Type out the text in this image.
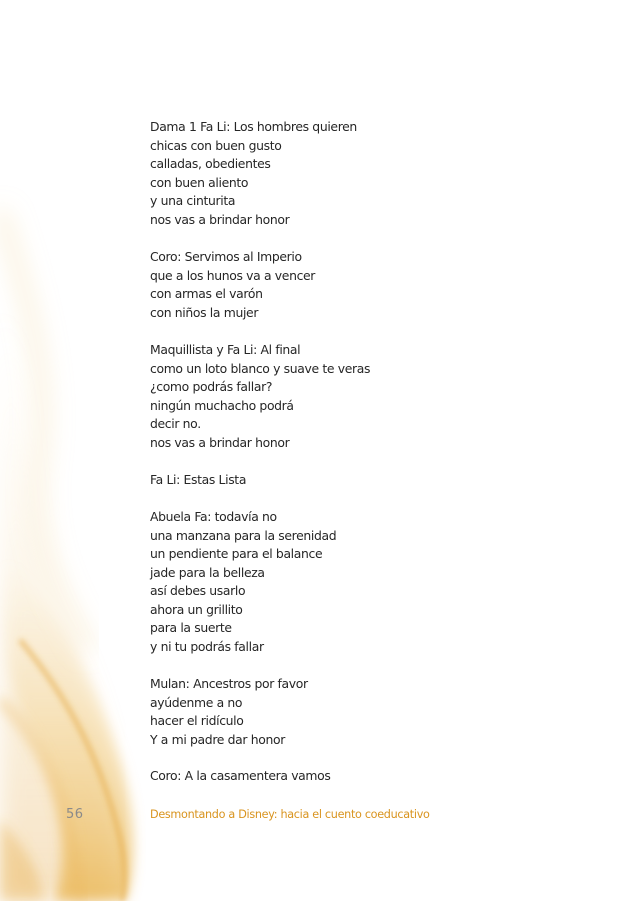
Dama 1 Fa Li: Los hombres quieren
chicas con buen gusto
calladas, obedientes
con buen aliento
y una cinturita
nos vas a brindar honor
Coro: Servimos al Imperio
que a los hunos va a vencer
con armas el varón
con niños la mujer
Maquillista y Fa Li: Al final
como un loto blanco y suave te veras
¿como podrás fallar?
ningún muchacho podrá
decir no.
nos vas a brindar honor
Fa Li: Estas Lista
Abuela Fa: todavía no
una manzana para la serenidad
un pendiente para el balance
jade para la belleza
así debes usarlo
ahora un grillito
para la suerte
y ni tu podrás fallar
Mulan: Ancestros por favor
ayúdenme a no
hacer el ridículo
Y a mi padre dar honor
Coro: A la casamentera vamos
56	Desmontando a Disney: hacia el cuento coeducativo
